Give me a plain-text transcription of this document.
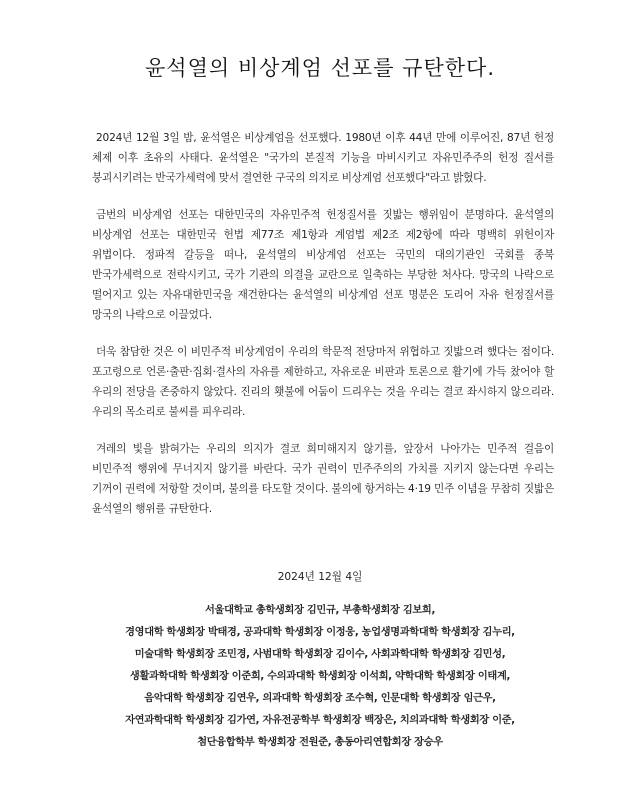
윤석열의 비상계엄 선포를 규탄한다.

2024년 12월 3일 밤, 윤석열은 비상계엄을 선포했다. 1980년 이후 44년 만에 이루어진, 87년 헌정 체제 이후 초유의 사태다. 윤석열은 "국가의 본질적 기능을 마비시키고 자유민주주의 헌정 질서를 붕괴시키려는 반국가세력에 맞서 결연한 구국의 의지로 비상계엄 선포했다"라고 밝혔다.

금번의 비상계엄 선포는 대한민국의 자유민주적 헌정질서를 짓밟는 행위임이 분명하다. 윤석열의 비상계엄 선포는 대한민국 헌법 제77조 제1항과 계엄법 제2조 제2항에 따라 명백히 위헌이자 위법이다. 정파적 갈등을 떠나, 윤석열의 비상계엄 선포는 국민의 대의기관인 국회를 종북 반국가세력으로 전락시키고, 국가 기관의 의결을 교란으로 일축하는 부당한 처사다. 망국의 나락으로 떨어지고 있는 자유대한민국을 재건한다는 윤석열의 비상계엄 선포 명분은 도리어 자유 헌정질서를 망국의 나락으로 이끌었다.

더욱 참담한 것은 이 비민주적 비상계엄이 우리의 학문적 전당마저 위협하고 짓밟으려 했다는 점이다. 포고령으로 언론·출판·집회·결사의 자유를 제한하고, 자유로운 비판과 토론으로 활기에 가득 찼어야 할 우리의 전당을 존중하지 않았다. 진리의 횃불에 어둠이 드리우는 것을 우리는 결코 좌시하지 않으리라. 우리의 목소리로 불씨를 피우리라.

겨레의 빛을 밝혀가는 우리의 의지가 결코 희미해지지 않기를, 앞장서 나아가는 민주적 걸음이 비민주적 행위에 무너지지 않기를 바란다. 국가 권력이 민주주의의 가치를 지키지 않는다면 우리는 기꺼이 권력에 저항할 것이며, 불의를 타도할 것이다. 불의에 항거하는 4·19 민주 이념을 무참히 짓밟은 윤석열의 행위를 규탄한다.

2024년 12월 4일
서울대학교 총학생회장 김민규, 부총학생회장 김보희,
경영대학 학생회장 박태경, 공과대학 학생회장 이정웅, 농업생명과학대학 학생회장 김누리,
미술대학 학생회장 조민경, 사범대학 학생회장 김이수, 사회과학대학 학생회장 김민성,
생활과학대학 학생회장 이준희, 수의과대학 학생회장 이석희, 약학대학 학생회장 이태계,
음악대학 학생회장 김연우, 의과대학 학생회장 조수혁, 인문대학 학생회장 임근우,
자연과학대학 학생회장 김가연, 자유전공학부 학생회장 백장은, 치의과대학 학생회장 이준,
첨단융합학부 학생회장 전원준, 총동아리연합회장 장승우
